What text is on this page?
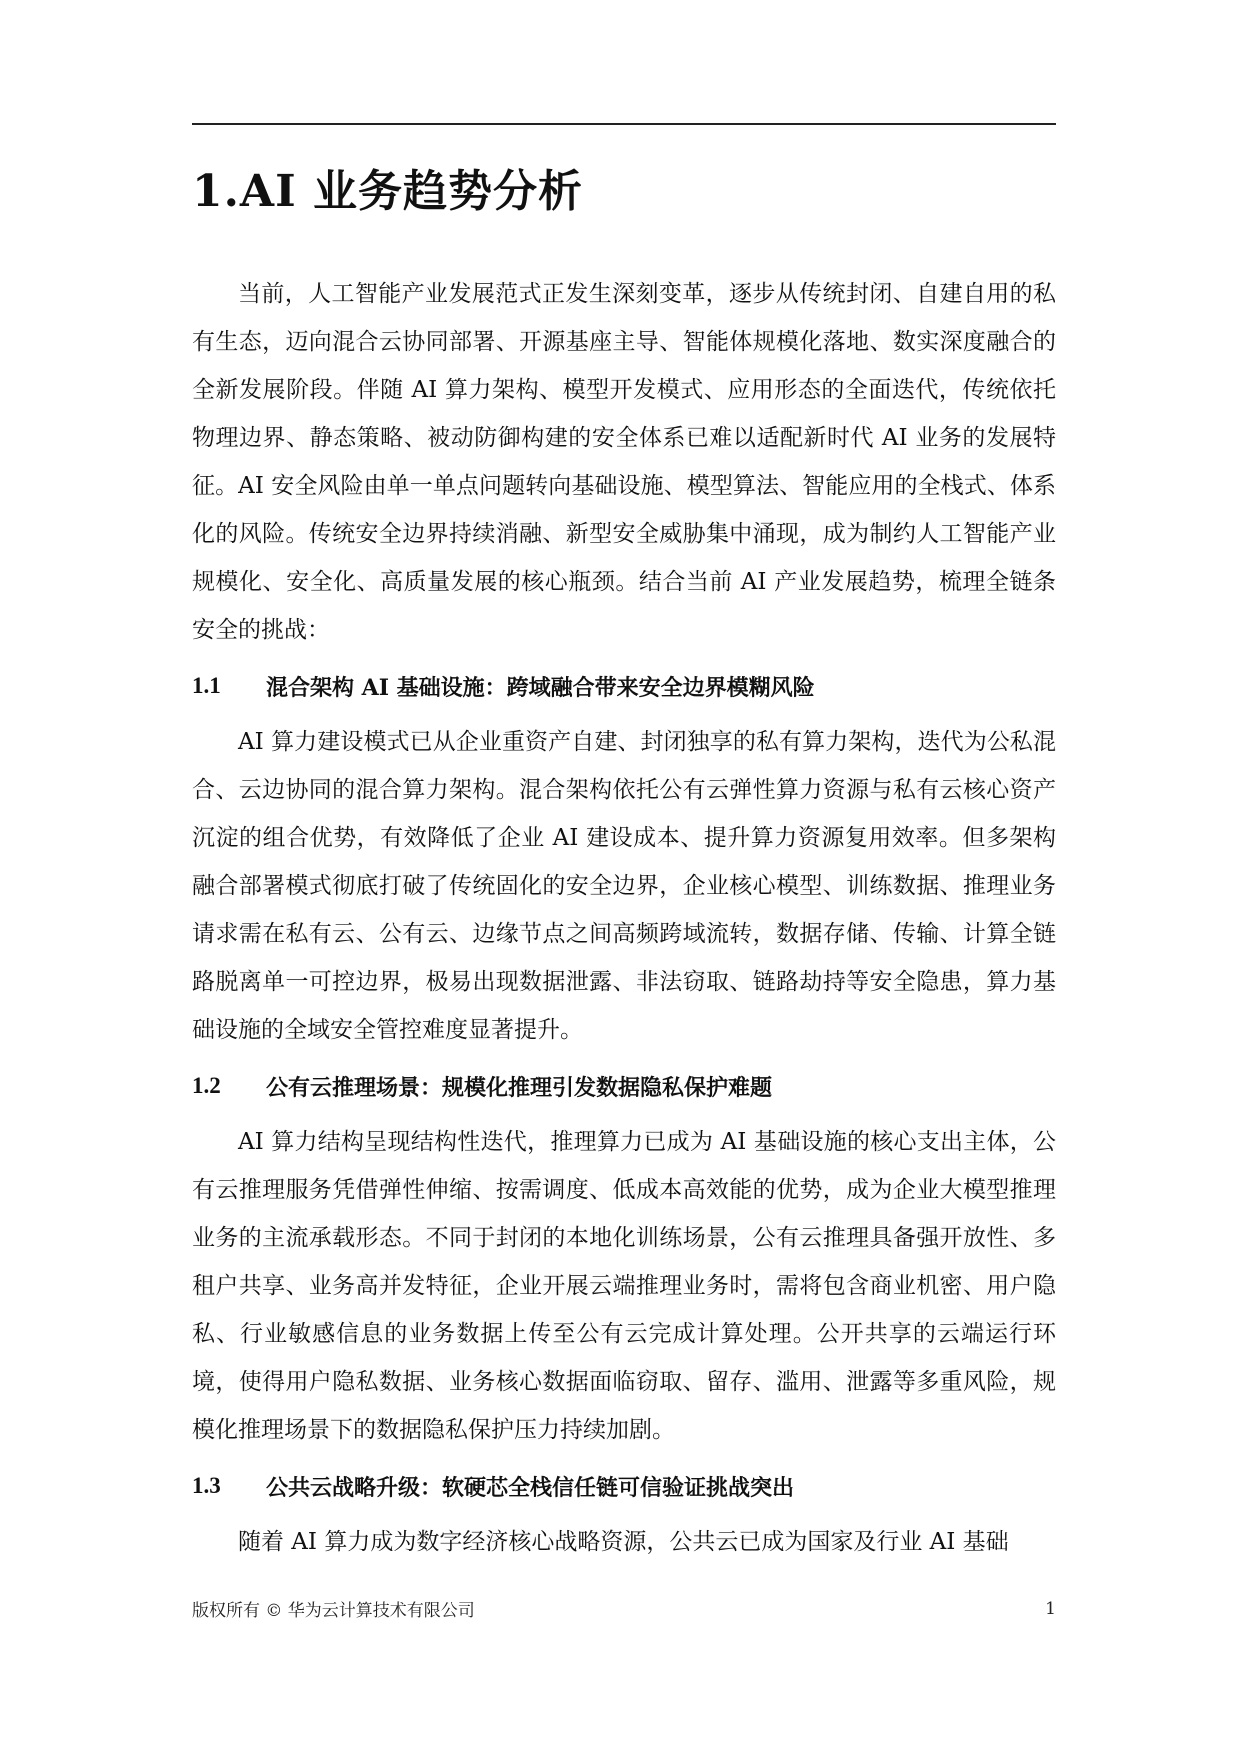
1.AI 业务趋势分析

当前，人工智能产业发展范式正发生深刻变革，逐步从传统封闭、自建自用的私有生态，迈向混合云协同部署、开源基座主导、智能体规模化落地、数实深度融合的全新发展阶段。伴随 AI 算力架构、模型开发模式、应用形态的全面迭代，传统依托物理边界、静态策略、被动防御构建的安全体系已难以适配新时代 AI 业务的发展特征。AI 安全风险由单一单点问题转向基础设施、模型算法、智能应用的全栈式、体系化的风险。传统安全边界持续消融、新型安全威胁集中涌现，成为制约人工智能产业规模化、安全化、高质量发展的核心瓶颈。结合当前 AI 产业发展趋势，梳理全链条安全的挑战：

1.1	混合架构 AI 基础设施：跨域融合带来安全边界模糊风险

AI 算力建设模式已从企业重资产自建、封闭独享的私有算力架构，迭代为公私混合、云边协同的混合算力架构。混合架构依托公有云弹性算力资源与私有云核心资产沉淀的组合优势，有效降低了企业 AI 建设成本、提升算力资源复用效率。但多架构融合部署模式彻底打破了传统固化的安全边界，企业核心模型、训练数据、推理业务请求需在私有云、公有云、边缘节点之间高频跨域流转，数据存储、传输、计算全链路脱离单一可控边界，极易出现数据泄露、非法窃取、链路劫持等安全隐患，算力基础设施的全域安全管控难度显著提升。

1.2	公有云推理场景：规模化推理引发数据隐私保护难题

AI 算力结构呈现结构性迭代，推理算力已成为 AI 基础设施的核心支出主体，公有云推理服务凭借弹性伸缩、按需调度、低成本高效能的优势，成为企业大模型推理业务的主流承载形态。不同于封闭的本地化训练场景，公有云推理具备强开放性、多租户共享、业务高并发特征，企业开展云端推理业务时，需将包含商业机密、用户隐私、行业敏感信息的业务数据上传至公有云完成计算处理。公开共享的云端运行环境，使得用户隐私数据、业务核心数据面临窃取、留存、滥用、泄露等多重风险，规模化推理场景下的数据隐私保护压力持续加剧。

1.3	公共云战略升级：软硬芯全栈信任链可信验证挑战突出

随着 AI 算力成为数字经济核心战略资源，公共云已成为国家及行业 AI 基础

版权所有 © 华为云计算技术有限公司	1
